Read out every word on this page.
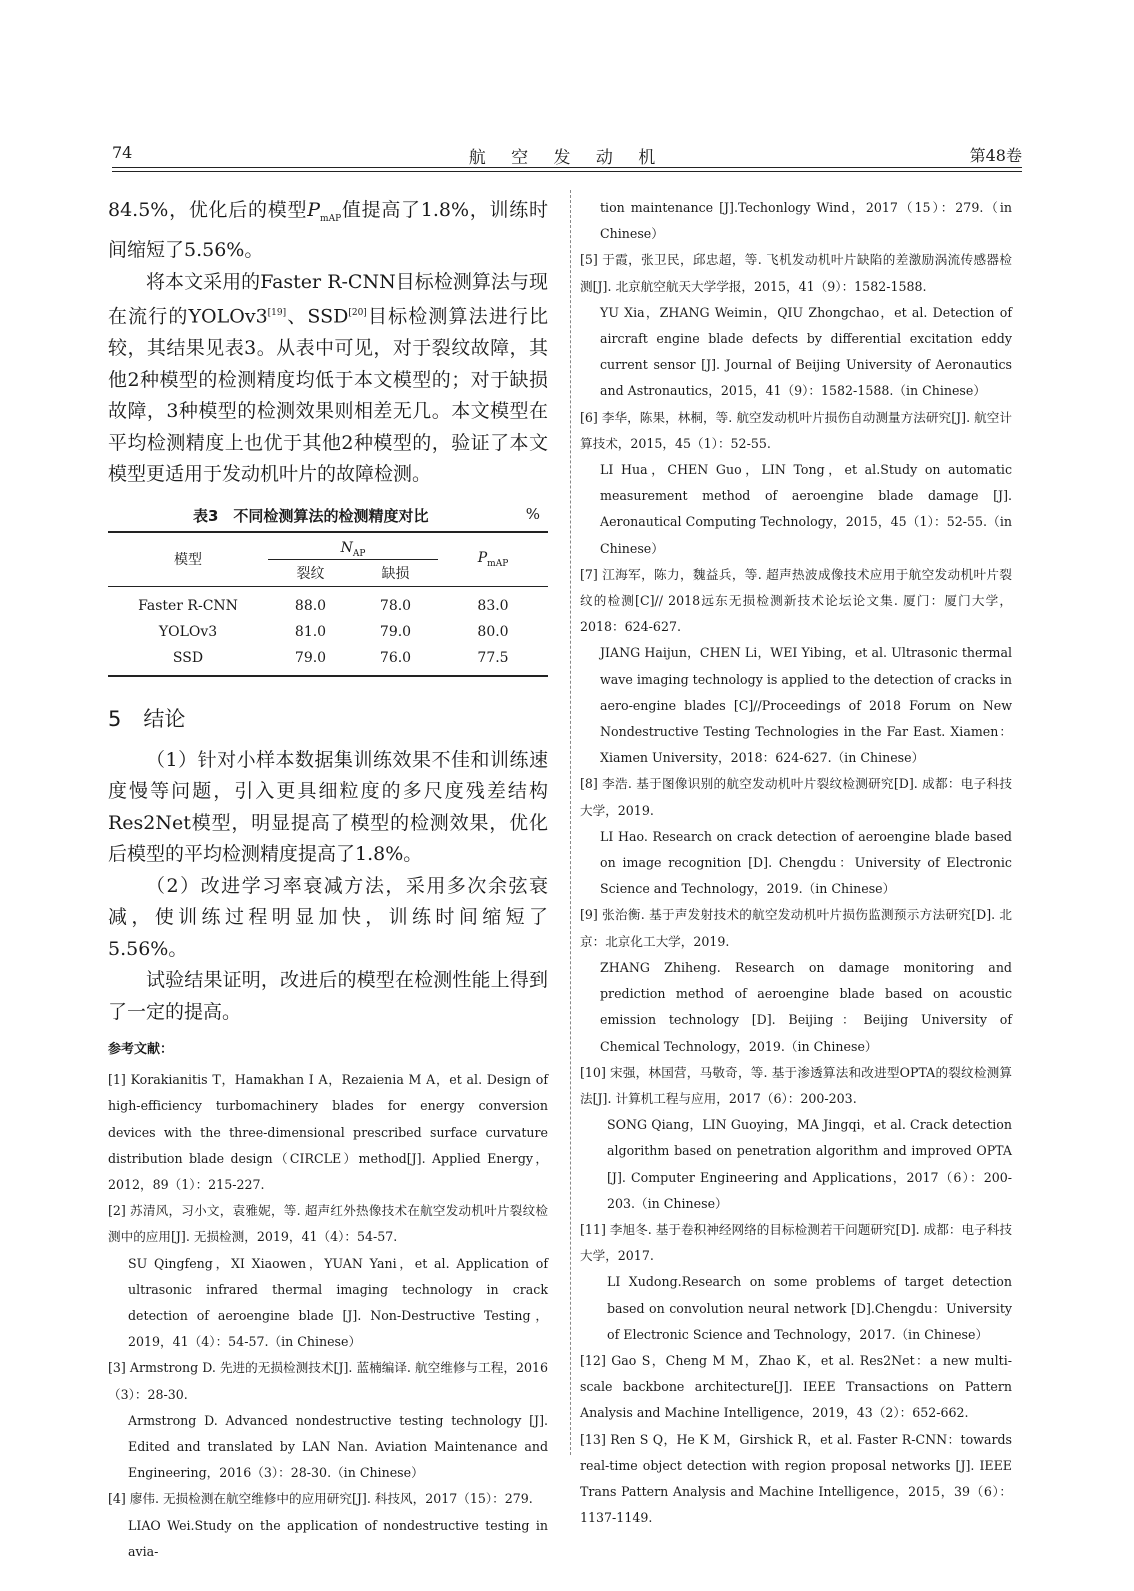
74	航 空 发 动 机	第48卷

84.5%，优化后的模型$P_{mAP}$值提高了1.8%，训练时间缩短了5.56%。

将本文采用的Faster R-CNN目标检测算法与现在流行的YOLOv3[19]、SSD[20]目标检测算法进行比较，其结果见表3。从表中可见，对于裂纹故障，其他2种模型的检测精度均低于本文模型的；对于缺损故障，3种模型的检测效果则相差无几。本文模型在平均检测精度上也优于其他2种模型的，验证了本文模型更适用于发动机叶片的故障检测。

表3　不同检测算法的检测精度对比	%
模型	$N_{AP}$		$P_{mAP}$
	裂纹	缺损	
Faster R-CNN	88.0	78.0	83.0
YOLOv3	81.0	79.0	80.0
SSD	79.0	76.0	77.5
5 结论

（1）针对小样本数据集训练效果不佳和训练速度慢等问题，引入更具细粒度的多尺度残差结构Res2Net模型，明显提高了模型的检测效果，优化后模型的平均检测精度提高了1.8%。

（2）改进学习率衰减方法，采用多次余弦衰减，使训练过程明显加快，训练时间缩短了5.56%。

试验结果证明，改进后的模型在检测性能上得到了一定的提高。

参考文献：

[1] Korakianitis T，Hamakhan I A，Rezaienia M A，et al. Design of high-efficiency turbomachinery blades for energy conversion devices with the three-dimensional prescribed surface curvature distribution blade design（CIRCLE）method[J]. Applied Energy，2012，89（1）：215-227.

[2] 苏清风，习小文，袁雅妮，等. 超声红外热像技术在航空发动机叶片裂纹检测中的应用[J]. 无损检测，2019，41（4）：54-57.

SU Qingfeng，XI Xiaowen，YUAN Yani，et al. Application of ultrasonic infrared thermal imaging technology in crack detection of aeroengine blade [J]. Non-Destructive Testing，2019，41（4）：54-57.（in Chinese）

[3] Armstrong D. 先进的无损检测技术[J]. 蓝楠编译. 航空维修与工程，2016（3）：28-30.

Armstrong D. Advanced nondestructive testing technology [J]. Edited and translated by LAN Nan. Aviation Maintenance and Engineering，2016（3）：28-30.（in Chinese）

[4] 廖伟. 无损检测在航空维修中的应用研究[J]. 科技风，2017（15）：279.

LIAO Wei.Study on the application of nondestructive testing in avia-

tion maintenance [J].Techonlogy Wind，2017（15）：279.（in Chinese）

[5] 于霞，张卫民，邱忠超，等. 飞机发动机叶片缺陷的差激励涡流传感器检测[J]. 北京航空航天大学学报，2015，41（9）：1582-1588.

YU Xia，ZHANG Weimin，QIU Zhongchao，et al. Detection of aircraft engine blade defects by differential excitation eddy current sensor [J]. Journal of Beijing University of Aeronautics and Astronautics，2015，41（9）：1582-1588.（in Chinese）

[6] 李华，陈果，林桐，等. 航空发动机叶片损伤自动测量方法研究[J]. 航空计算技术，2015，45（1）：52-55.

LI Hua，CHEN Guo，LIN Tong，et al.Study on automatic measurement method of aeroengine blade damage [J]. Aeronautical Computing Technology，2015，45（1）：52-55.（in Chinese）

[7] 江海军，陈力，魏益兵，等. 超声热波成像技术应用于航空发动机叶片裂纹的检测[C]// 2018远东无损检测新技术论坛论文集. 厦门：厦门大学，2018：624-627.

JIANG Haijun，CHEN Li，WEI Yibing，et al. Ultrasonic thermal wave imaging technology is applied to the detection of cracks in aero-engine blades [C]//Proceedings of 2018 Forum on New Nondestructive Testing Technologies in the Far East. Xiamen：Xiamen University，2018：624-627.（in Chinese）

[8] 李浩. 基于图像识别的航空发动机叶片裂纹检测研究[D]. 成都：电子科技大学，2019.

LI Hao. Research on crack detection of aeroengine blade based on image recognition [D]. Chengdu：University of Electronic Science and Technology，2019.（in Chinese）

[9] 张治衡. 基于声发射技术的航空发动机叶片损伤监测预示方法研究[D]. 北京：北京化工大学，2019.

ZHANG Zhiheng. Research on damage monitoring and prediction method of aeroengine blade based on acoustic emission technology [D]. Beijing：Beijing University of Chemical Technology，2019.（in Chinese）

[10] 宋强，林国营，马敬奇，等. 基于渗透算法和改进型OPTA的裂纹检测算法[J]. 计算机工程与应用，2017（6）：200-203.

SONG Qiang，LIN Guoying，MA Jingqi，et al. Crack detection algorithm based on penetration algorithm and improved OPTA [J]. Computer Engineering and Applications，2017（6）：200-203.（in Chinese）

[11] 李旭冬. 基于卷积神经网络的目标检测若干问题研究[D]. 成都：电子科技大学，2017.

LI Xudong.Research on some problems of target detection based on convolution neural network [D].Chengdu：University of Electronic Science and Technology，2017.（in Chinese）

[12] Gao S，Cheng M M，Zhao K，et al. Res2Net：a new multi-scale backbone architecture[J]. IEEE Transactions on Pattern Analysis and Machine Intelligence，2019，43（2）：652-662.

[13] Ren S Q，He K M，Girshick R，et al. Faster R-CNN：towards real-time object detection with region proposal networks [J]. IEEE Trans Pattern Analysis and Machine Intelligence，2015，39（6）：1137-1149.
